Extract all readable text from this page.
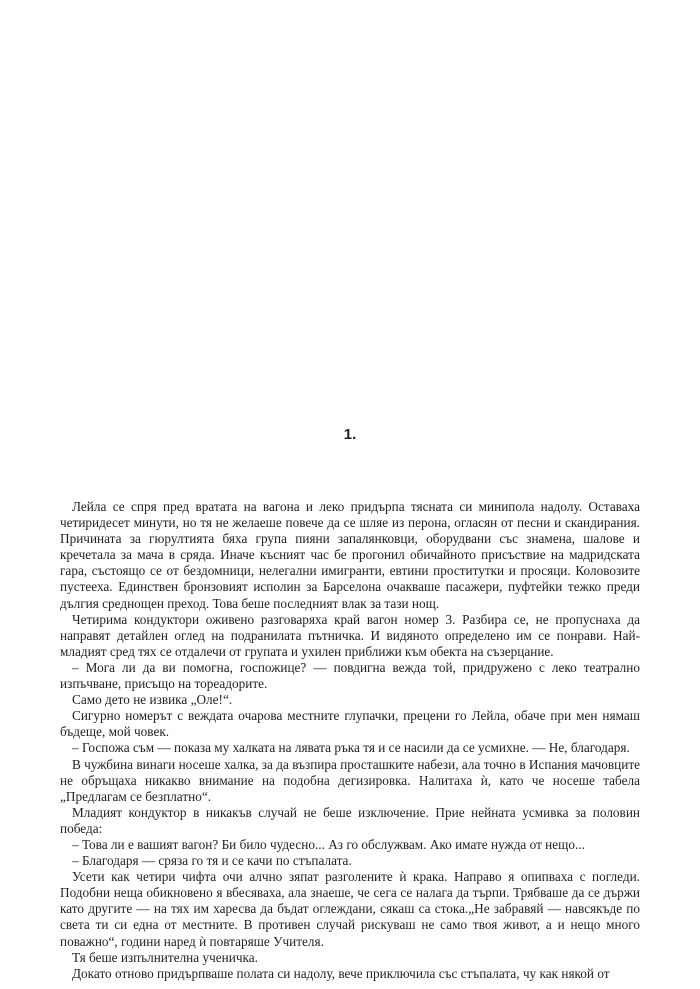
1.

Лейла се спря пред вратата на вагона и леко придърпа тясната си минипола надолу. Оставаха четиридесет минути, но тя не желаеше повече да се шляе из перона, огласян от песни и скандирания. Причината за гюрултията бяха група пияни запалянковци, оборудвани със знамена, шалове и кречетала за мача в сряда. Иначе късният час бе прогонил обичайното присъствие на мадридската гара, състоящо се от бездомници, нелегални имигранти, евтини проститутки и просяци. Коловозите пустееха. Единствен бронзовият исполин за Барселона очакваше пасажери, пуфтейки тежко преди дългия среднощен преход. Това беше последният влак за тази нощ.

Четирима кондуктори оживено разговаряха край вагон номер 3. Разбира се, не пропуснаха да направят детайлен оглед на подранилата пътничка. И видяното определено им се понрави. Най-младият сред тях се отдалечи от групата и ухилен приближи към обекта на съзерцание.

– Мога ли да ви помогна, госпожице? — повдигна вежда той, придружено с леко театрално изпъчване, присъщо на тореадорите.

Само дето не извика „Оле!“.

Сигурно номерът с веждата очарова местните глупачки, прецени го Лейла, обаче при мен нямаш бъдеще, мой човек.

– Госпожа съм — показа му халката на лявата ръка тя и се насили да се усмихне. — Не, благодаря.

В чужбина винаги носеше халка, за да възпира просташките набези, ала точно в Испания мачовците не обръщаха никакво внимание на подобна дегизировка. Налитаха ѝ, като че носеше табела „Предлагам се безплатно“.

Младият кондуктор в никакъв случай не беше изключение. Прие нейната усмивка за половин победа:

– Това ли е вашият вагон? Би било чудесно... Аз го обслужвам. Ако имате нужда от нещо...

– Благодаря — сряза го тя и се качи по стъпалата.

Усети как четири чифта очи алчно зяпат разголените ѝ крака. Направо я опипваха с погледи. Подобни неща обикновено я вбесяваха, ала знаеше, че сега се налага да търпи. Трябваше да се държи като другите — на тях им харесва да бъдат оглеждани, сякаш са стока.„Не забравяй — навсякъде по света ти си една от местните. В противен случай рискуваш не само твоя живот, а и нещо много поважно“, години наред ѝ повтаряше Учителя.

Тя беше изпълнителна ученичка.

Докато отново придърпваше полата си надолу, вече приключила със стъпалата, чу как някой от
